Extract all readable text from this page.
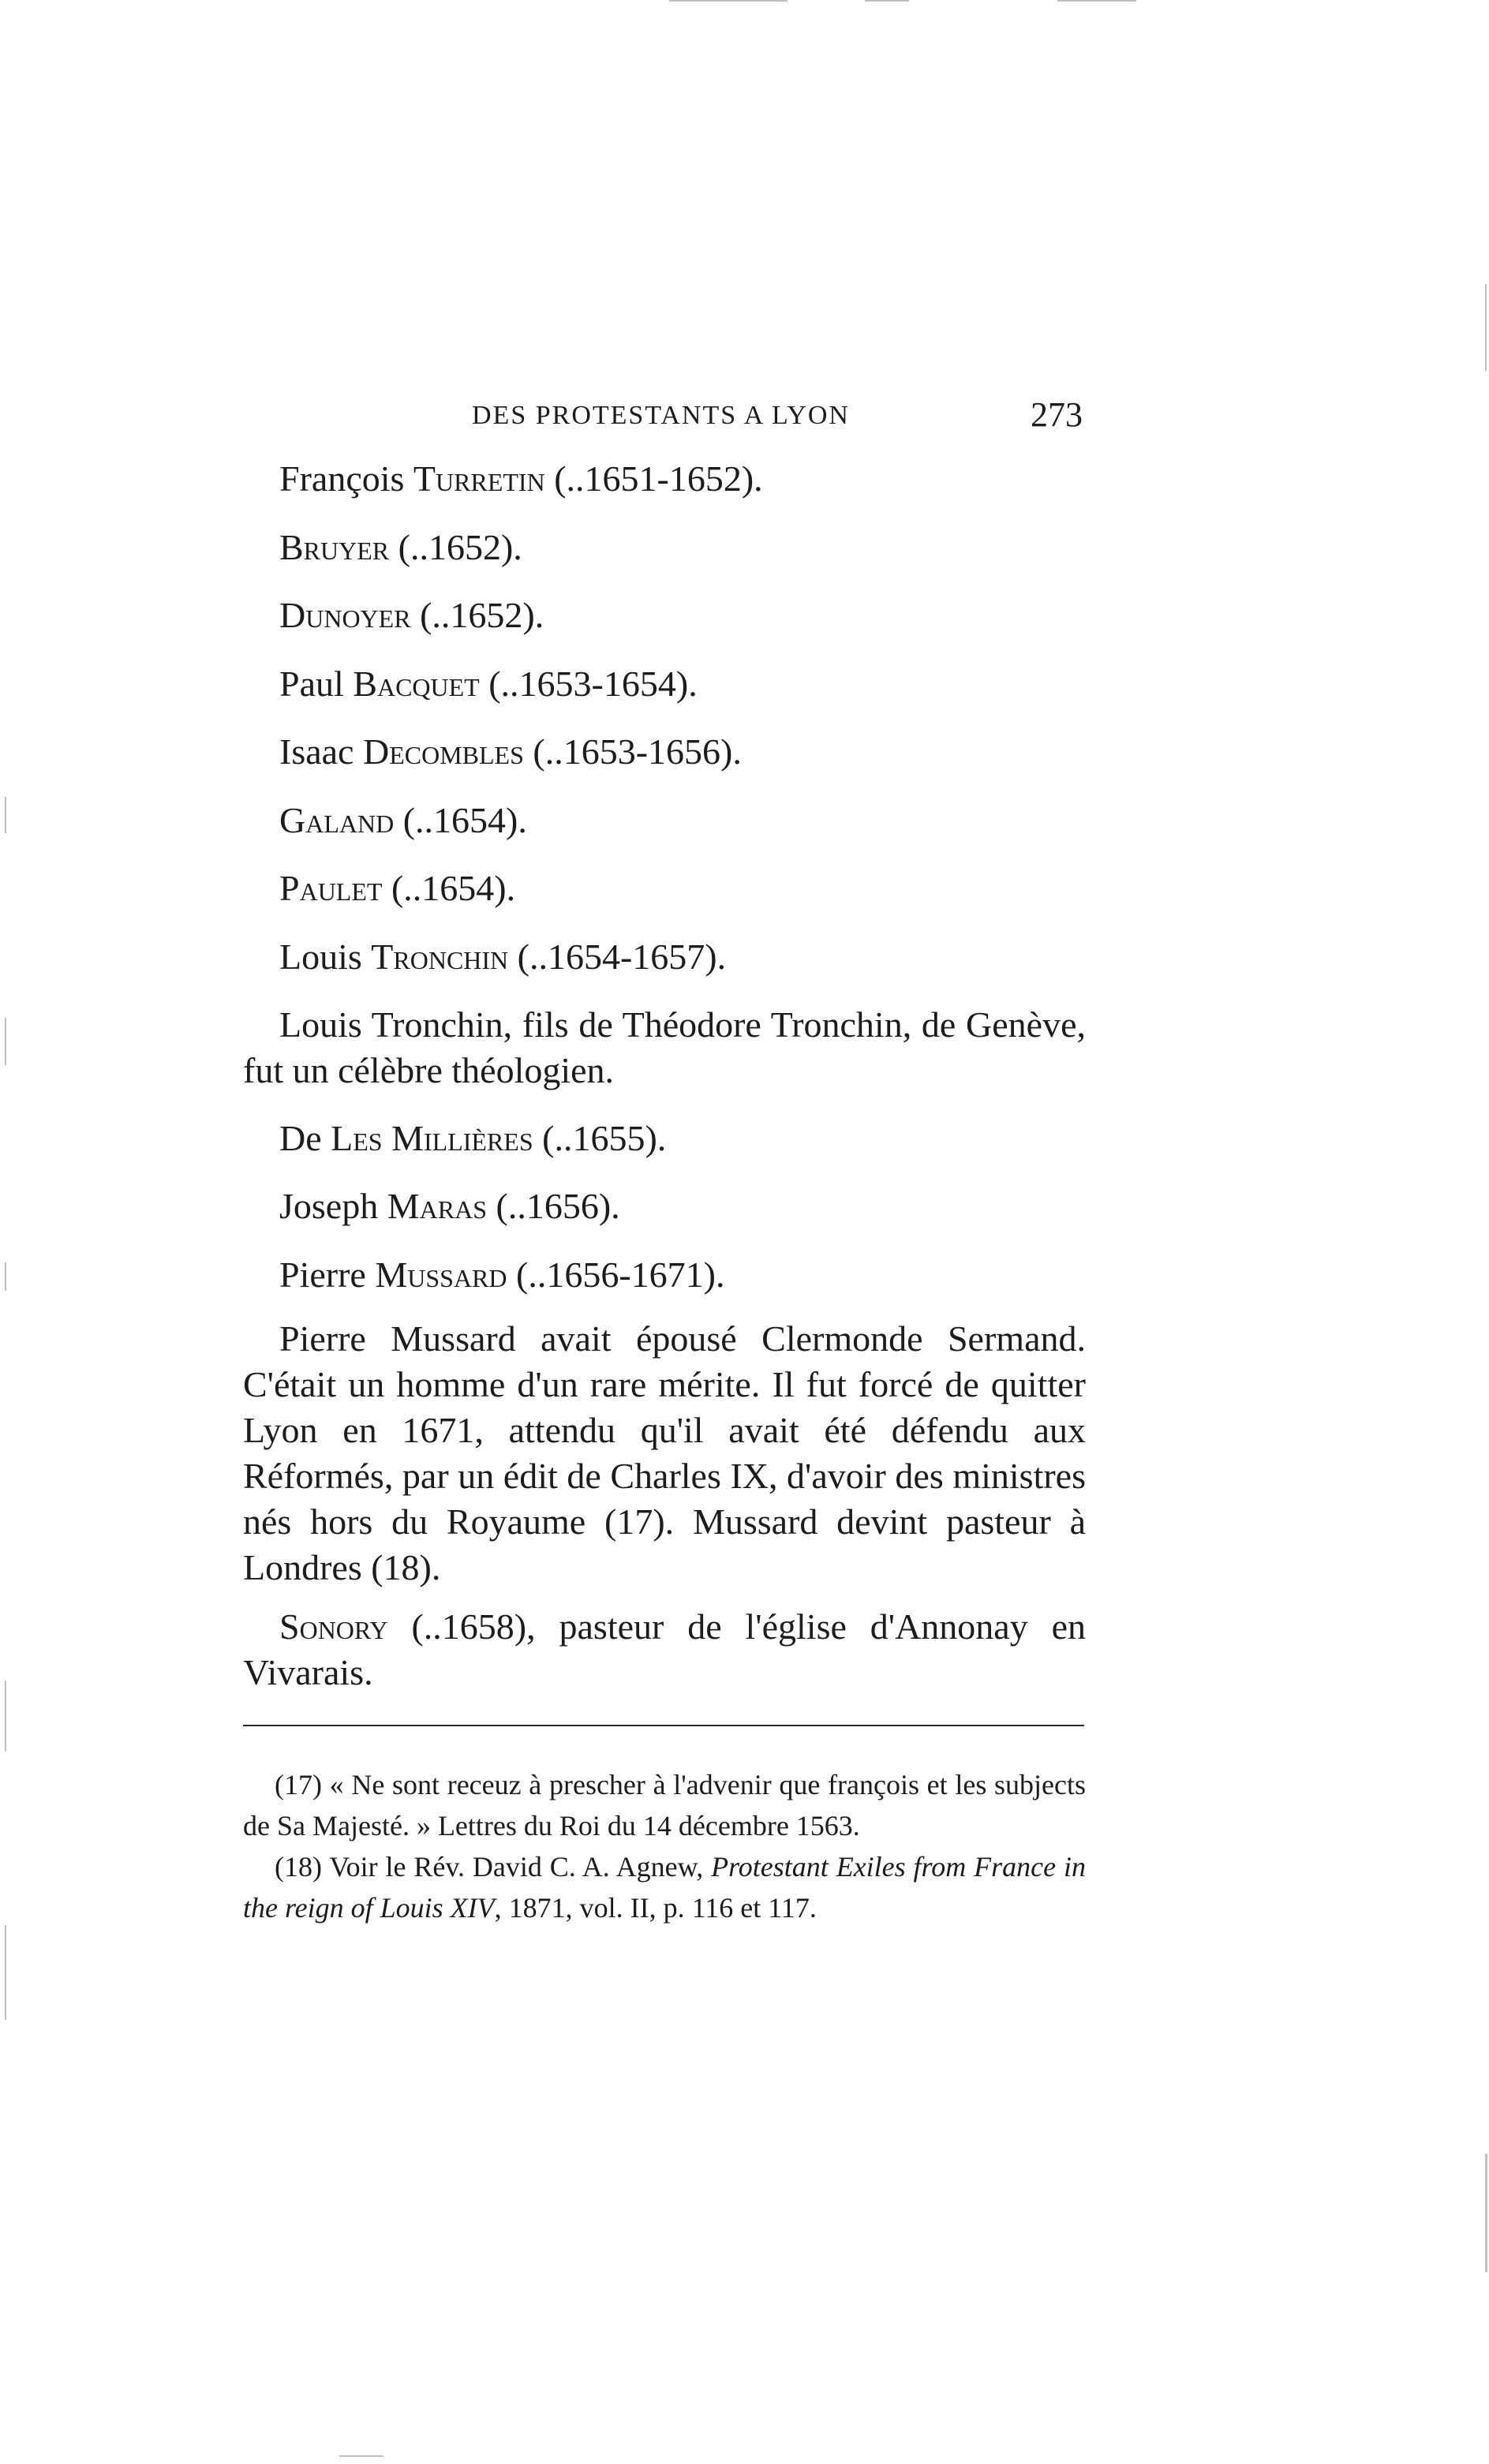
DES PROTESTANTS A LYON	273
François Turretin (..1651-1652).
Bruyer (..1652).
Dunoyer (..1652).
Paul Bacquet (..1653-1654).
Isaac Decombles (..1653-1656).
Galand (..1654).
Paulet (..1654).
Louis Tronchin (..1654-1657).
Louis Tronchin, fils de Théodore Tronchin, de Genève, fut un célèbre théologien.
De Les Millières (..1655).
Joseph Maras (..1656).
Pierre Mussard (..1656-1671).
Pierre Mussard avait épousé Clermonde Sermand. C'était un homme d'un rare mérite. Il fut forcé de quitter Lyon en 1671, attendu qu'il avait été défendu aux Réformés, par un édit de Charles IX, d'avoir des ministres nés hors du Royaume (17). Mussard devint pasteur à Londres (18).
Sonory (..1658), pasteur de l'église d'Annonay en Vivarais.
(17) « Ne sont receuz à prescher à l'advenir que françois et les subjects de Sa Majesté. » Lettres du Roi du 14 décembre 1563.
(18) Voir le Rév. David C. A. Agnew, Protestant Exiles from France in the reign of Louis XIV, 1871, vol. II, p. 116 et 117.
